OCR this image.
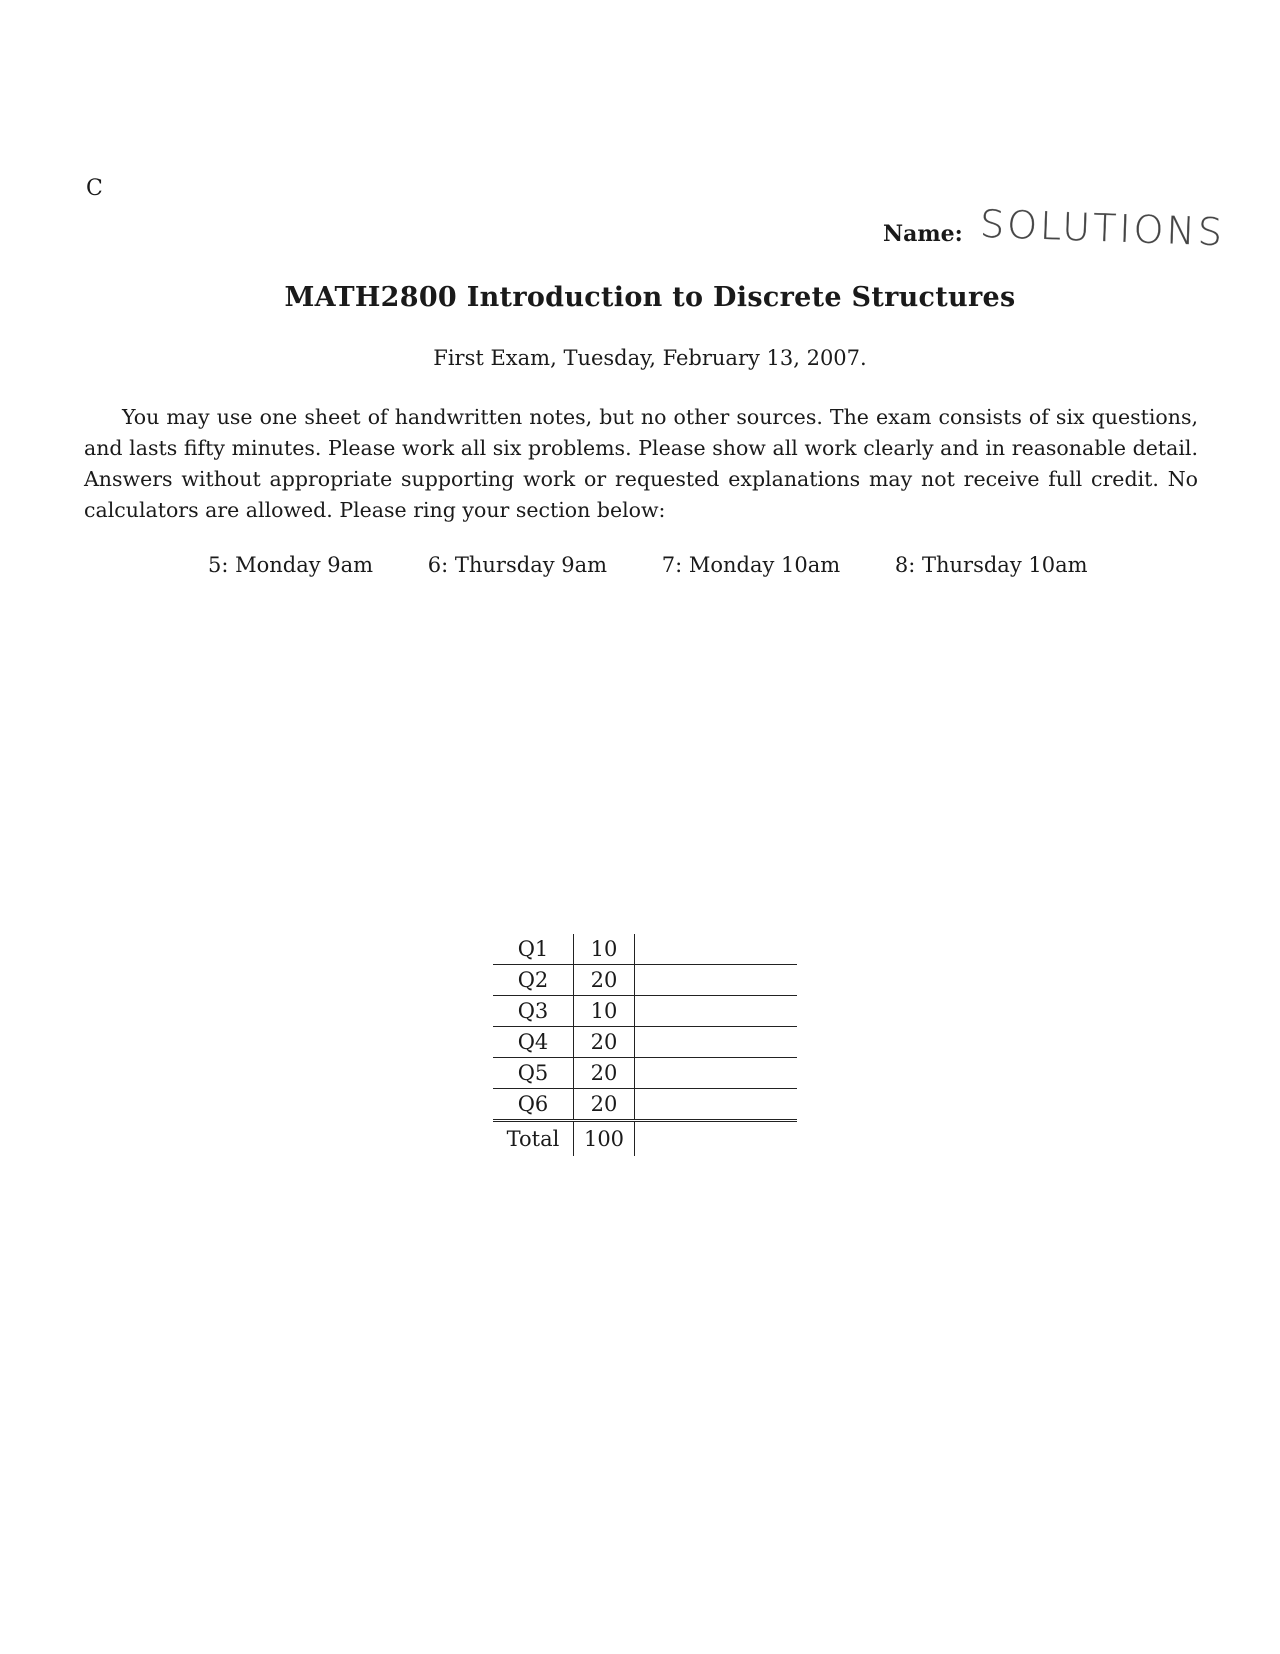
C
Name: SOLUTIONS
MATH2800 Introduction to Discrete Structures
First Exam, Tuesday, February 13, 2007.

You may use one sheet of handwritten notes, but no other sources. The exam consists of six questions, and lasts fifty minutes. Please work all six problems. Please show all work clearly and in reasonable detail. Answers without appropriate supporting work or requested explanations may not receive full credit. No calculators are allowed. Please ring your section below:

5: Monday 9am	6: Thursday 9am	7: Monday 10am	8: Thursday 10am
Q1	10	
Q2	20	
Q3	10	
Q4	20	
Q5	20	
Q6	20	
Total	100	
